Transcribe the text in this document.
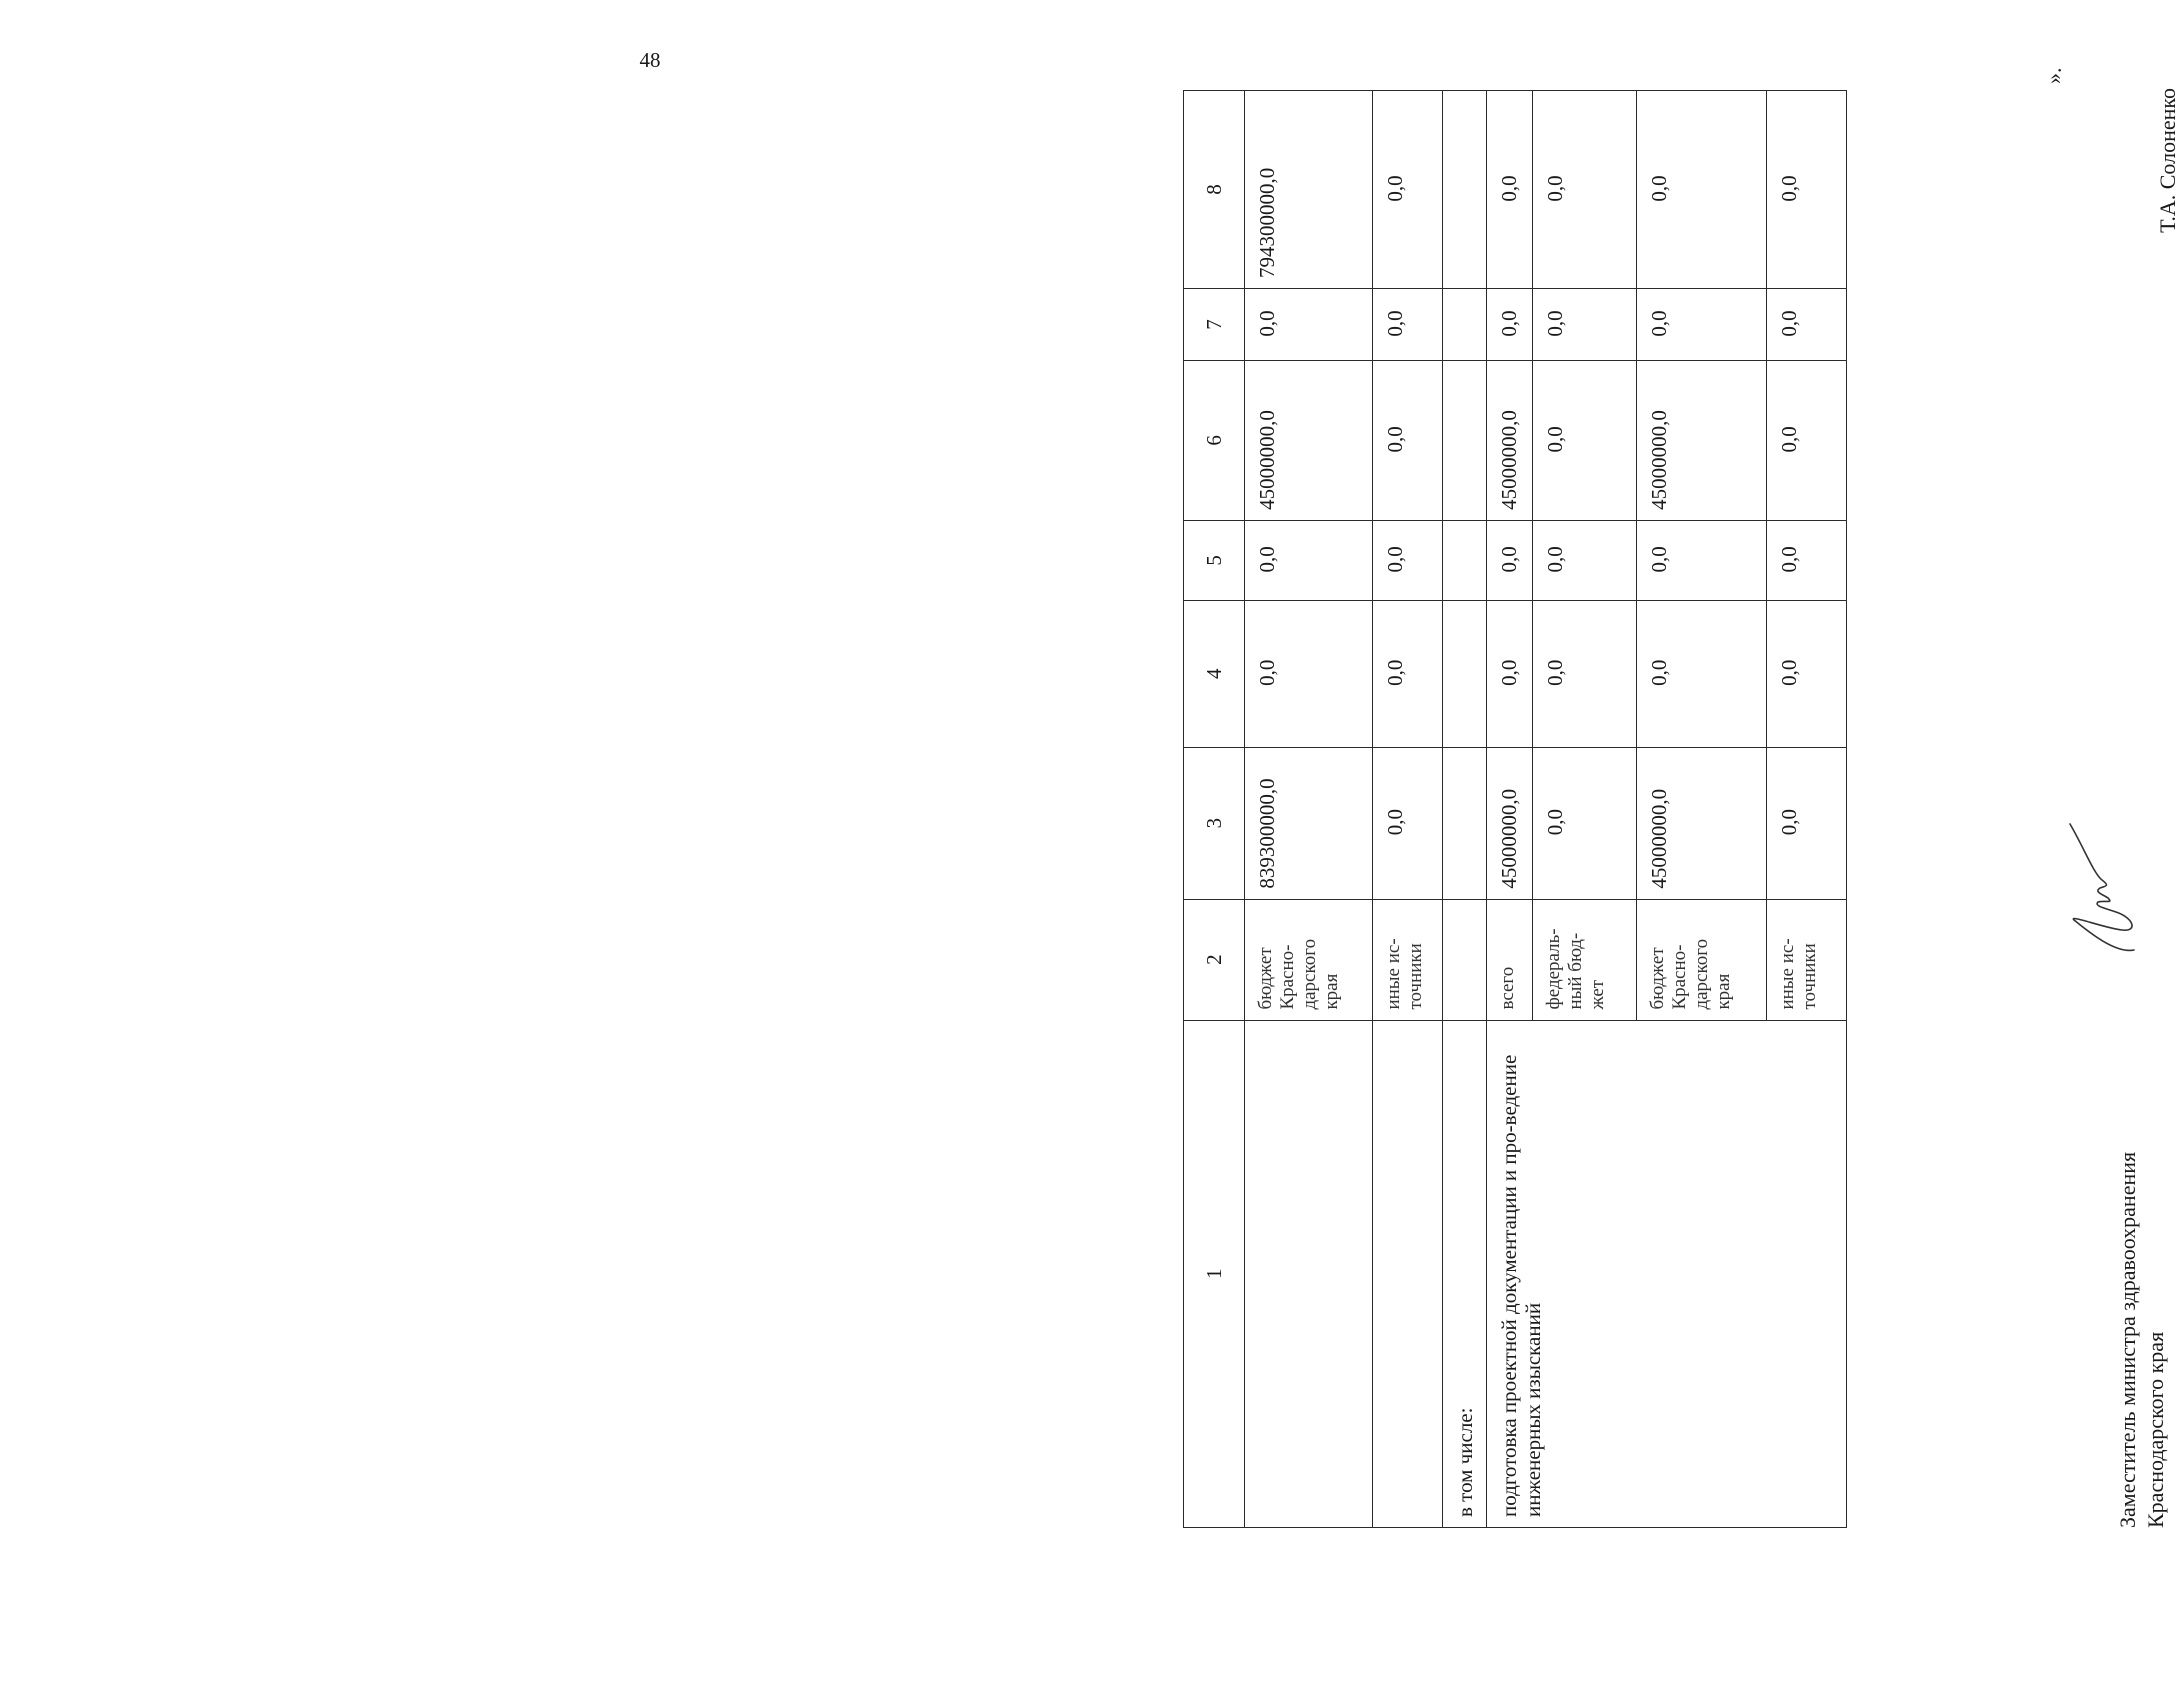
48
1	2	3	4	5	6	7	8
	бюджет Красно-дарского края	839300000,0	0,0	0,0	45000000,0	0,0	794300000,0
	иные ис-точники	0,0	0,0	0,0	0,0	0,0	0,0
в том числе:							
подготовка проектной документации и про-ведение инженерных изысканий	всего	45000000,0	0,0	0,0	45000000,0	0,0	0,0
	федераль-ный бюд-жет	0,0	0,0	0,0	0,0	0,0	0,0
	бюджет Красно-дарского края	45000000,0	0,0	0,0	45000000,0	0,0	0,0
	иные ис-точники	0,0	0,0	0,0	0,0	0,0	0,0
».
Заместитель министра здравоохранения Краснодарского края
Т.А. Солоненко
